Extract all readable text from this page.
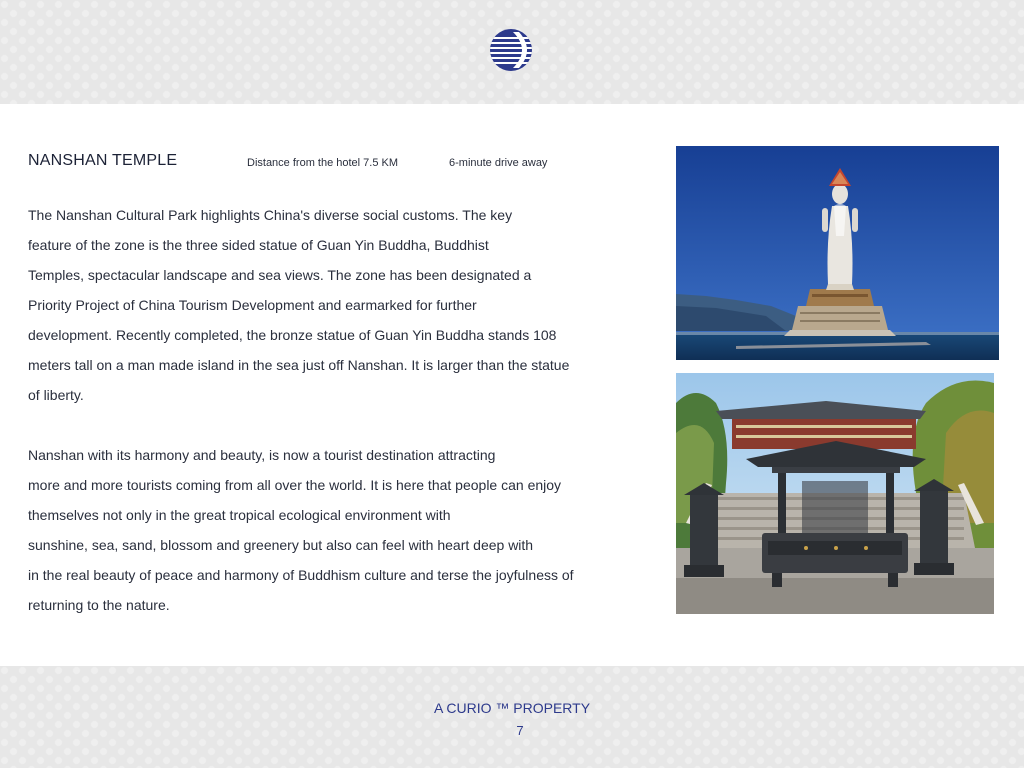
NANSHAN TEMPLE	Distance from the hotel 7.5 KM	6-minute drive away
The Nanshan Cultural Park highlights China's diverse social customs. The key
feature of the zone is the three sided statue of Guan Yin Buddha, Buddhist
Temples, spectacular landscape and sea views. The zone has been designated a
Priority Project of China Tourism Development and earmarked for further
development. Recently completed, the bronze statue of Guan Yin Buddha stands 108
meters tall on a man made island in the sea just off Nanshan. It is larger than the statue
of liberty.
Nanshan with its harmony and beauty, is now a tourist destination attracting
more and more tourists coming from all over the world. It is here that people can enjoy
themselves not only in the great tropical ecological environment with
sunshine, sea, sand, blossom and greenery but also can feel with heart deep with
in the real beauty of peace and harmony of Buddhism culture and terse the joyfulness of
returning to the nature.
A CURIO ™ PROPERTY
7
